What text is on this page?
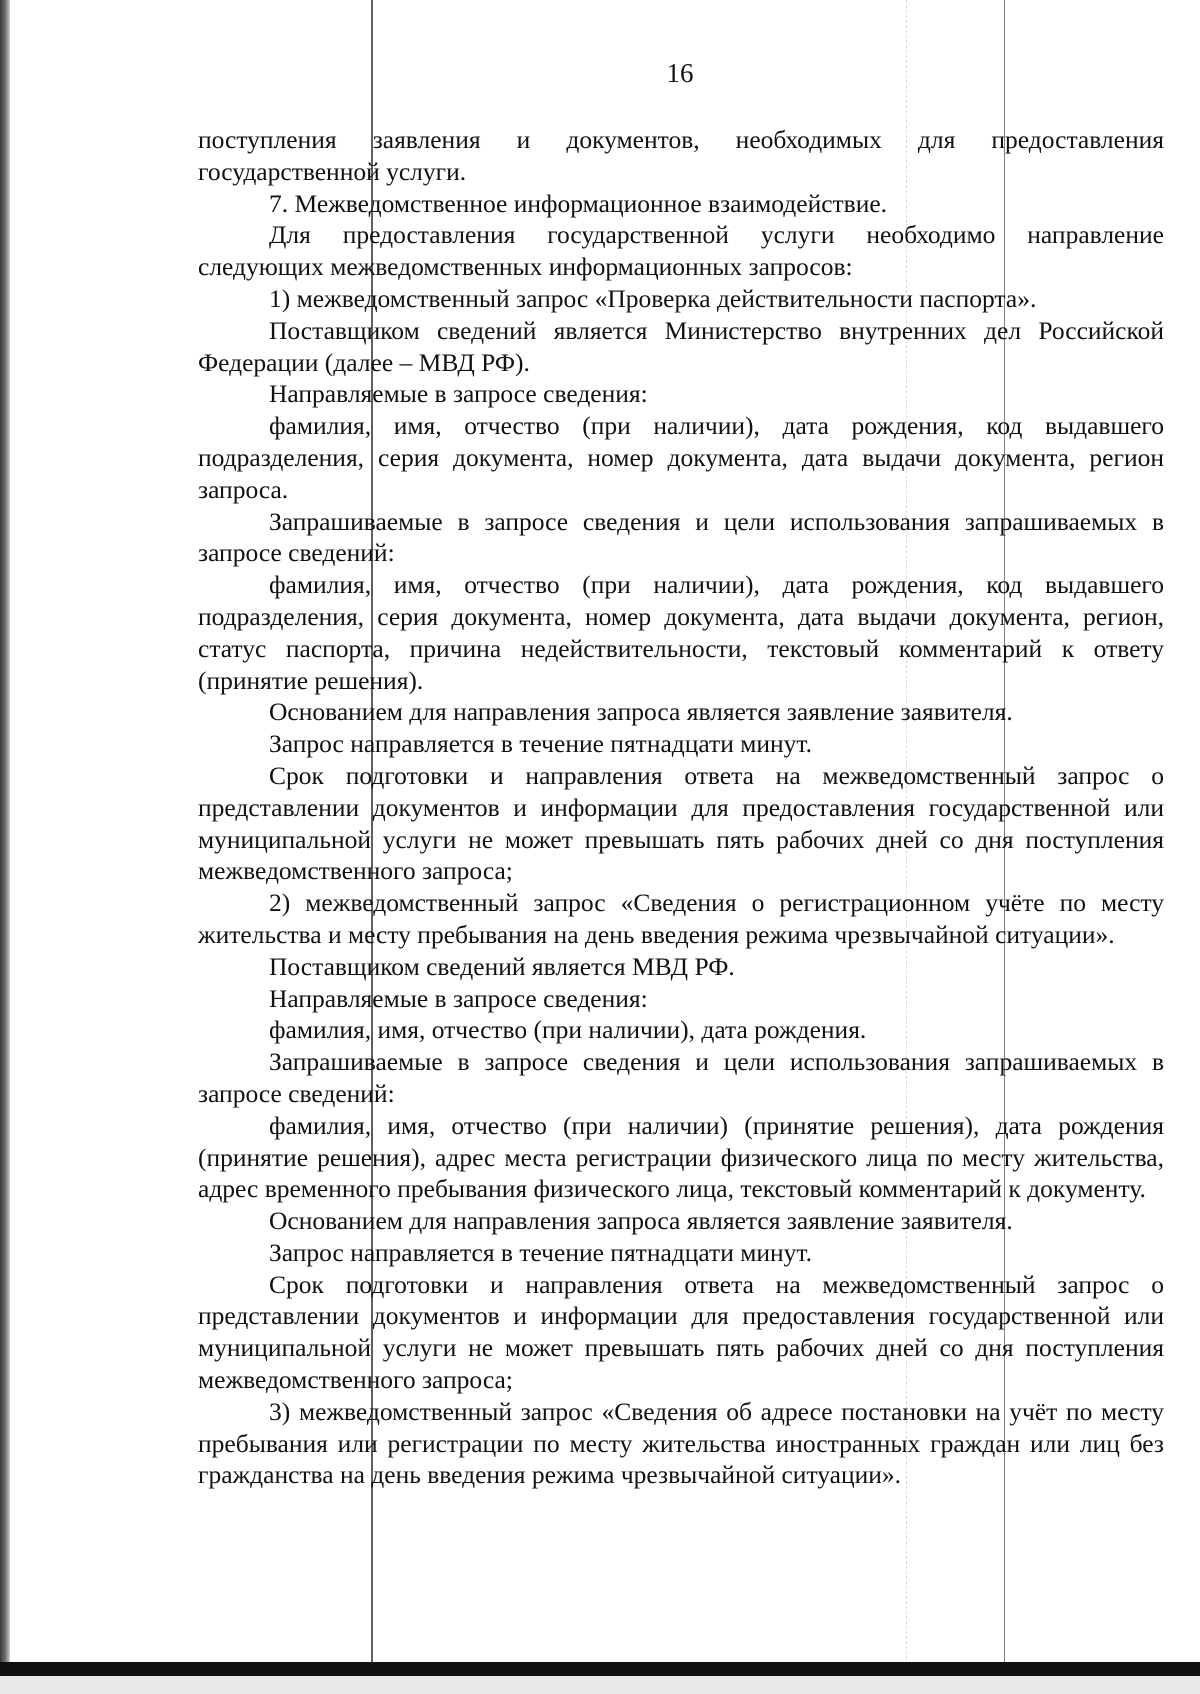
16

поступления заявления и документов, необходимых для предоставления государственной услуги.

7. Межведомственное информационное взаимодействие.

Для предоставления государственной услуги необходимо направление следующих межведомственных информационных запросов:

1) межведомственный запрос «Проверка действительности паспорта».

Поставщиком сведений является Министерство внутренних дел Российской Федерации (далее – МВД РФ).

Направляемые в запросе сведения:

фамилия, имя, отчество (при наличии), дата рождения, код выдавшего подразделения, серия документа, номер документа, дата выдачи документа, регион запроса.

Запрашиваемые в запросе сведения и цели использования запрашиваемых в запросе сведений:

фамилия, имя, отчество (при наличии), дата рождения, код выдавшего подразделения, серия документа, номер документа, дата выдачи документа, регион, статус паспорта, причина недействительности, текстовый комментарий к ответу (принятие решения).

Основанием для направления запроса является заявление заявителя.

Запрос направляется в течение пятнадцати минут.

Срок подготовки и направления ответа на межведомственный запрос о представлении документов и информации для предоставления государственной или муниципальной услуги не может превышать пять рабочих дней со дня поступления межведомственного запроса;

2) межведомственный запрос «Сведения о регистрационном учёте по месту жительства и месту пребывания на день введения режима чрезвычайной ситуации».

Поставщиком сведений является МВД РФ.

Направляемые в запросе сведения:

фамилия, имя, отчество (при наличии), дата рождения.

Запрашиваемые в запросе сведения и цели использования запрашиваемых в запросе сведений:

фамилия, имя, отчество (при наличии) (принятие решения), дата рождения (принятие решения), адрес места регистрации физического лица по месту жительства, адрес временного пребывания физического лица, текстовый комментарий к документу.

Основанием для направления запроса является заявление заявителя.

Запрос направляется в течение пятнадцати минут.

Срок подготовки и направления ответа на межведомственный запрос о представлении документов и информации для предоставления государственной или муниципальной услуги не может превышать пять рабочих дней со дня поступления межведомственного запроса;

3) межведомственный запрос «Сведения об адресе постановки на учёт по месту пребывания или регистрации по месту жительства иностранных граждан или лиц без гражданства на день введения режима чрезвычайной ситуации».
